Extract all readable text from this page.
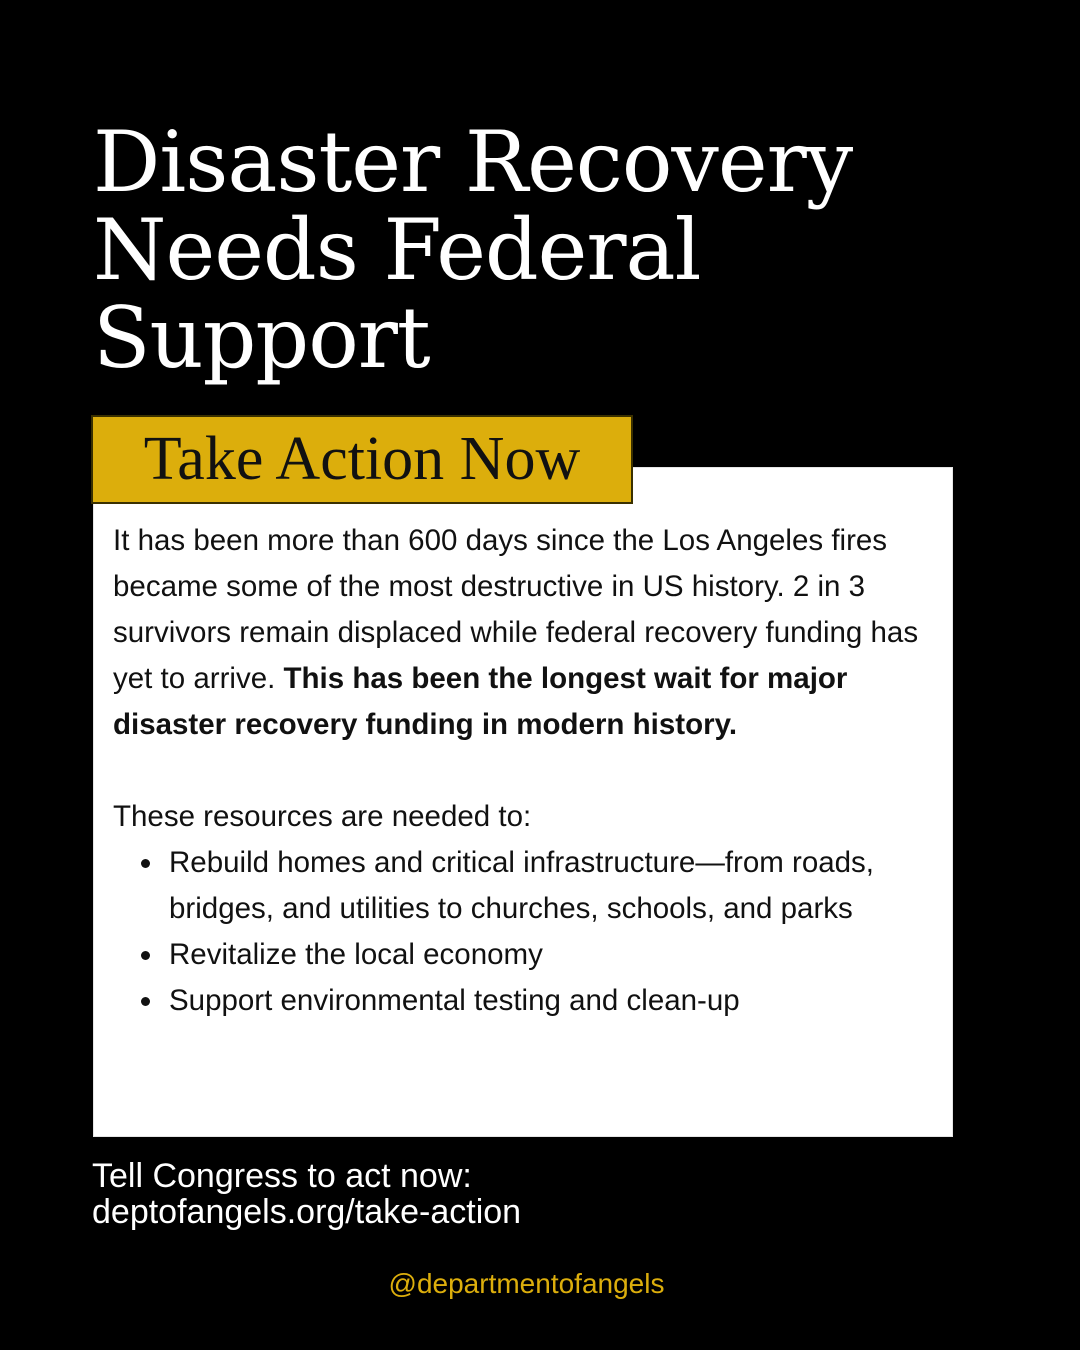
Disaster Recovery
Needs Federal
Support
Take Action Now

It has been more than 600 days since the Los Angeles fires became some of the most destructive in US history. 2 in 3 survivors remain displaced while federal recovery funding has yet to arrive. This has been the longest wait for major disaster recovery funding in modern history.

These resources are needed to:

Rebuild homes and critical infrastructure—from roads, bridges, and utilities to churches, schools, and parks
Revitalize the local economy
Support environmental testing and clean-up
Tell Congress to act now:
deptofangels.org/take-action
@departmentofangels
